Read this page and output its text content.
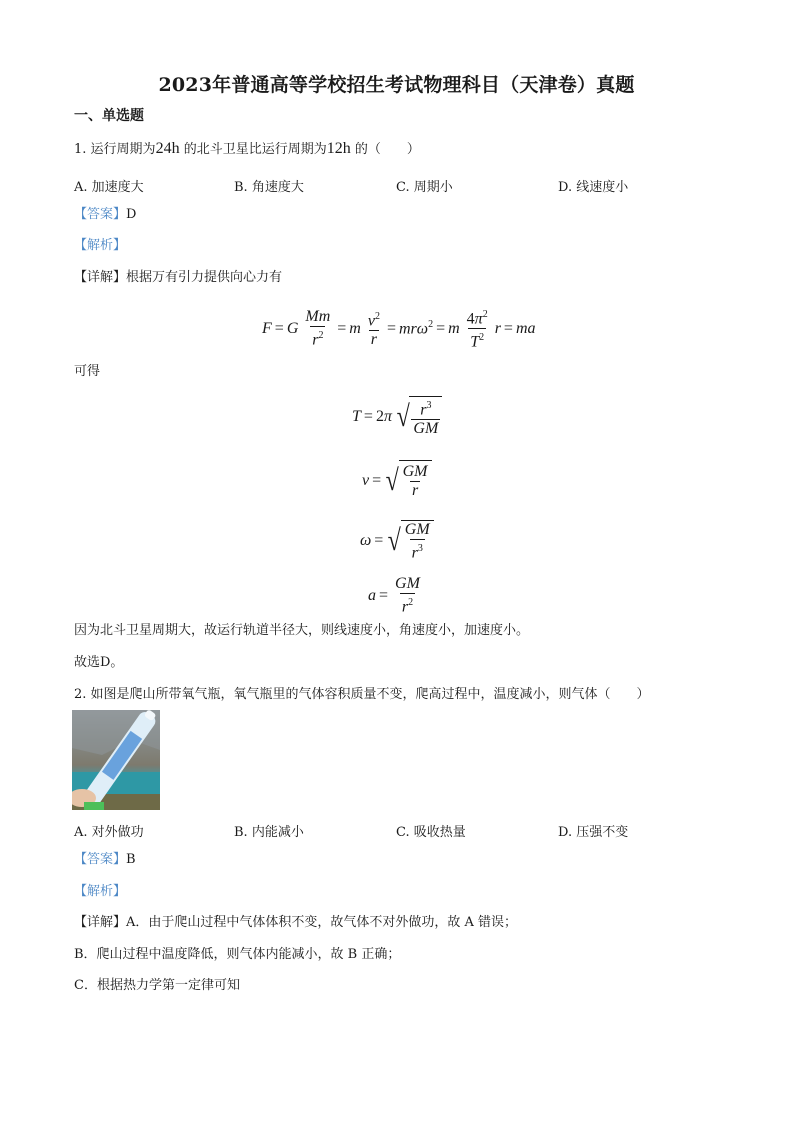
2023年普通高等学校招生考试物理科目（天津卷）真题
一、单选题
1. 运行周期为24h 的北斗卫星比运行周期为12h 的（　　）
A. 加速度大	B. 角速度大	C. 周期小	D. 线速度小
【答案】D
【解析】
【详解】根据万有引力提供向心力有
F = G $\frac{Mm}{r^2} = m \frac{v^2}{r} = mr\omega^2 = m \frac{4\pi^2}{T^2}$ r = ma
可得
T = 2π √ $\frac{r^3}{GM}$
v = √ $\frac{GM}{r}$
ω = √ $\frac{GM}{r^3}$
$a = \frac{GM}{r^2}$
因为北斗卫星周期大，故运行轨道半径大，则线速度小，角速度小，加速度小。
故选D。
2. 如图是爬山所带氧气瓶，氧气瓶里的气体容积质量不变，爬高过程中，温度减小，则气体（　　）
A. 对外做功	B. 内能减小	C. 吸收热量	D. 压强不变
【答案】B
【解析】
【详解】A．由于爬山过程中气体体积不变，故气体不对外做功，故 A 错误；
B．爬山过程中温度降低，则气体内能减小，故 B 正确；
C．根据热力学第一定律可知
